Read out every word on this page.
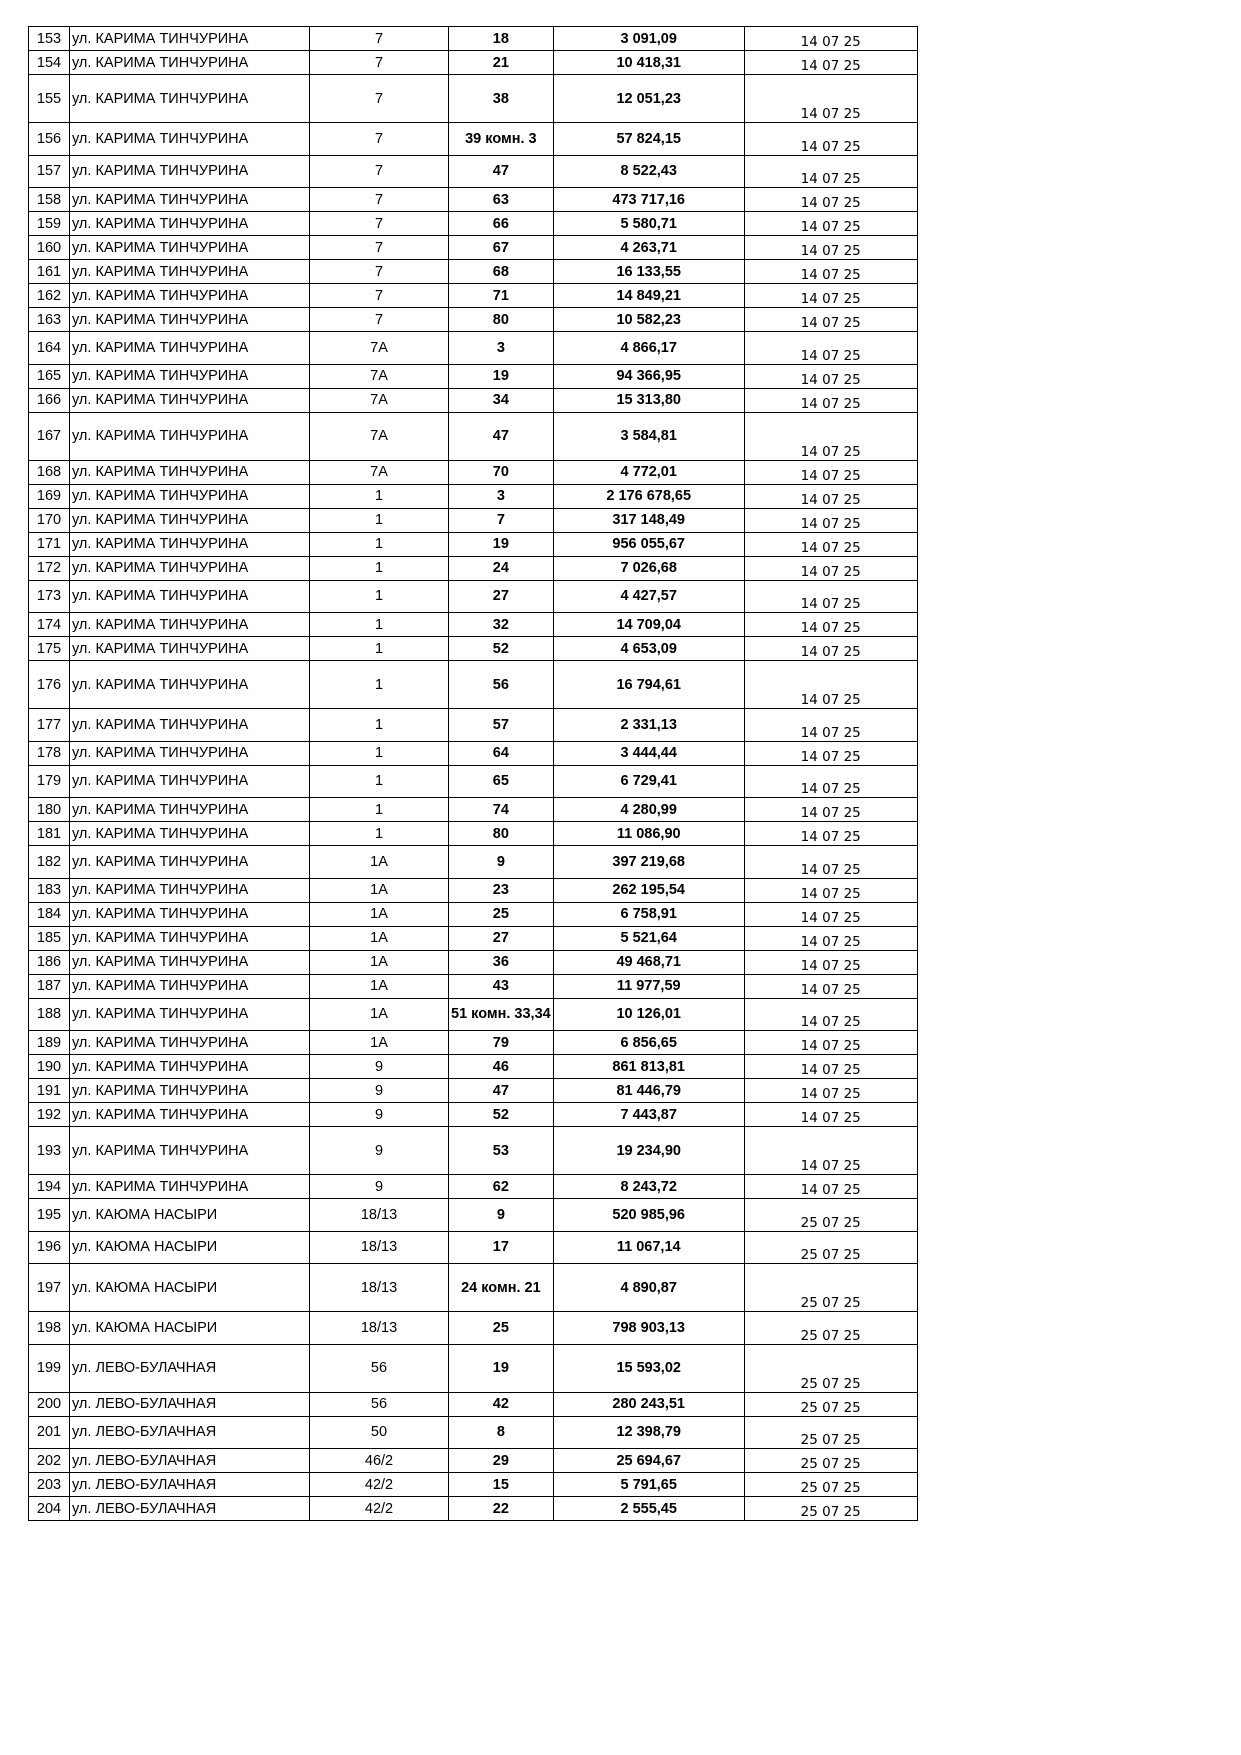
153	ул. КАРИМА ТИНЧУРИНА	7	18	3 091,09	14 07 25
154	ул. КАРИМА ТИНЧУРИНА	7	21	10 418,31	14 07 25
155	ул. КАРИМА ТИНЧУРИНА	7	38	12 051,23	14 07 25
156	ул. КАРИМА ТИНЧУРИНА	7	39 комн. 3	57 824,15	14 07 25
157	ул. КАРИМА ТИНЧУРИНА	7	47	8 522,43	14 07 25
158	ул. КАРИМА ТИНЧУРИНА	7	63	473 717,16	14 07 25
159	ул. КАРИМА ТИНЧУРИНА	7	66	5 580,71	14 07 25
160	ул. КАРИМА ТИНЧУРИНА	7	67	4 263,71	14 07 25
161	ул. КАРИМА ТИНЧУРИНА	7	68	16 133,55	14 07 25
162	ул. КАРИМА ТИНЧУРИНА	7	71	14 849,21	14 07 25
163	ул. КАРИМА ТИНЧУРИНА	7	80	10 582,23	14 07 25
164	ул. КАРИМА ТИНЧУРИНА	7А	3	4 866,17	14 07 25
165	ул. КАРИМА ТИНЧУРИНА	7А	19	94 366,95	14 07 25
166	ул. КАРИМА ТИНЧУРИНА	7А	34	15 313,80	14 07 25
167	ул. КАРИМА ТИНЧУРИНА	7А	47	3 584,81	14 07 25
168	ул. КАРИМА ТИНЧУРИНА	7А	70	4 772,01	14 07 25
169	ул. КАРИМА ТИНЧУРИНА	1	3	2 176 678,65	14 07 25
170	ул. КАРИМА ТИНЧУРИНА	1	7	317 148,49	14 07 25
171	ул. КАРИМА ТИНЧУРИНА	1	19	956 055,67	14 07 25
172	ул. КАРИМА ТИНЧУРИНА	1	24	7 026,68	14 07 25
173	ул. КАРИМА ТИНЧУРИНА	1	27	4 427,57	14 07 25
174	ул. КАРИМА ТИНЧУРИНА	1	32	14 709,04	14 07 25
175	ул. КАРИМА ТИНЧУРИНА	1	52	4 653,09	14 07 25
176	ул. КАРИМА ТИНЧУРИНА	1	56	16 794,61	14 07 25
177	ул. КАРИМА ТИНЧУРИНА	1	57	2 331,13	14 07 25
178	ул. КАРИМА ТИНЧУРИНА	1	64	3 444,44	14 07 25
179	ул. КАРИМА ТИНЧУРИНА	1	65	6 729,41	14 07 25
180	ул. КАРИМА ТИНЧУРИНА	1	74	4 280,99	14 07 25
181	ул. КАРИМА ТИНЧУРИНА	1	80	11 086,90	14 07 25
182	ул. КАРИМА ТИНЧУРИНА	1А	9	397 219,68	14 07 25
183	ул. КАРИМА ТИНЧУРИНА	1А	23	262 195,54	14 07 25
184	ул. КАРИМА ТИНЧУРИНА	1А	25	6 758,91	14 07 25
185	ул. КАРИМА ТИНЧУРИНА	1А	27	5 521,64	14 07 25
186	ул. КАРИМА ТИНЧУРИНА	1А	36	49 468,71	14 07 25
187	ул. КАРИМА ТИНЧУРИНА	1А	43	11 977,59	14 07 25
188	ул. КАРИМА ТИНЧУРИНА	1А	51 комн. 33,34	10 126,01	14 07 25
189	ул. КАРИМА ТИНЧУРИНА	1А	79	6 856,65	14 07 25
190	ул. КАРИМА ТИНЧУРИНА	9	46	861 813,81	14 07 25
191	ул. КАРИМА ТИНЧУРИНА	9	47	81 446,79	14 07 25
192	ул. КАРИМА ТИНЧУРИНА	9	52	7 443,87	14 07 25
193	ул. КАРИМА ТИНЧУРИНА	9	53	19 234,90	14 07 25
194	ул. КАРИМА ТИНЧУРИНА	9	62	8 243,72	14 07 25
195	ул. КАЮМА НАСЫРИ	18/13	9	520 985,96	25 07 25
196	ул. КАЮМА НАСЫРИ	18/13	17	11 067,14	25 07 25
197	ул. КАЮМА НАСЫРИ	18/13	24 комн. 21	4 890,87	25 07 25
198	ул. КАЮМА НАСЫРИ	18/13	25	798 903,13	25 07 25
199	ул. ЛЕВО-БУЛАЧНАЯ	56	19	15 593,02	25 07 25
200	ул. ЛЕВО-БУЛАЧНАЯ	56	42	280 243,51	25 07 25
201	ул. ЛЕВО-БУЛАЧНАЯ	50	8	12 398,79	25 07 25
202	ул. ЛЕВО-БУЛАЧНАЯ	46/2	29	25 694,67	25 07 25
203	ул. ЛЕВО-БУЛАЧНАЯ	42/2	15	5 791,65	25 07 25
204	ул. ЛЕВО-БУЛАЧНАЯ	42/2	22	2 555,45	25 07 25
